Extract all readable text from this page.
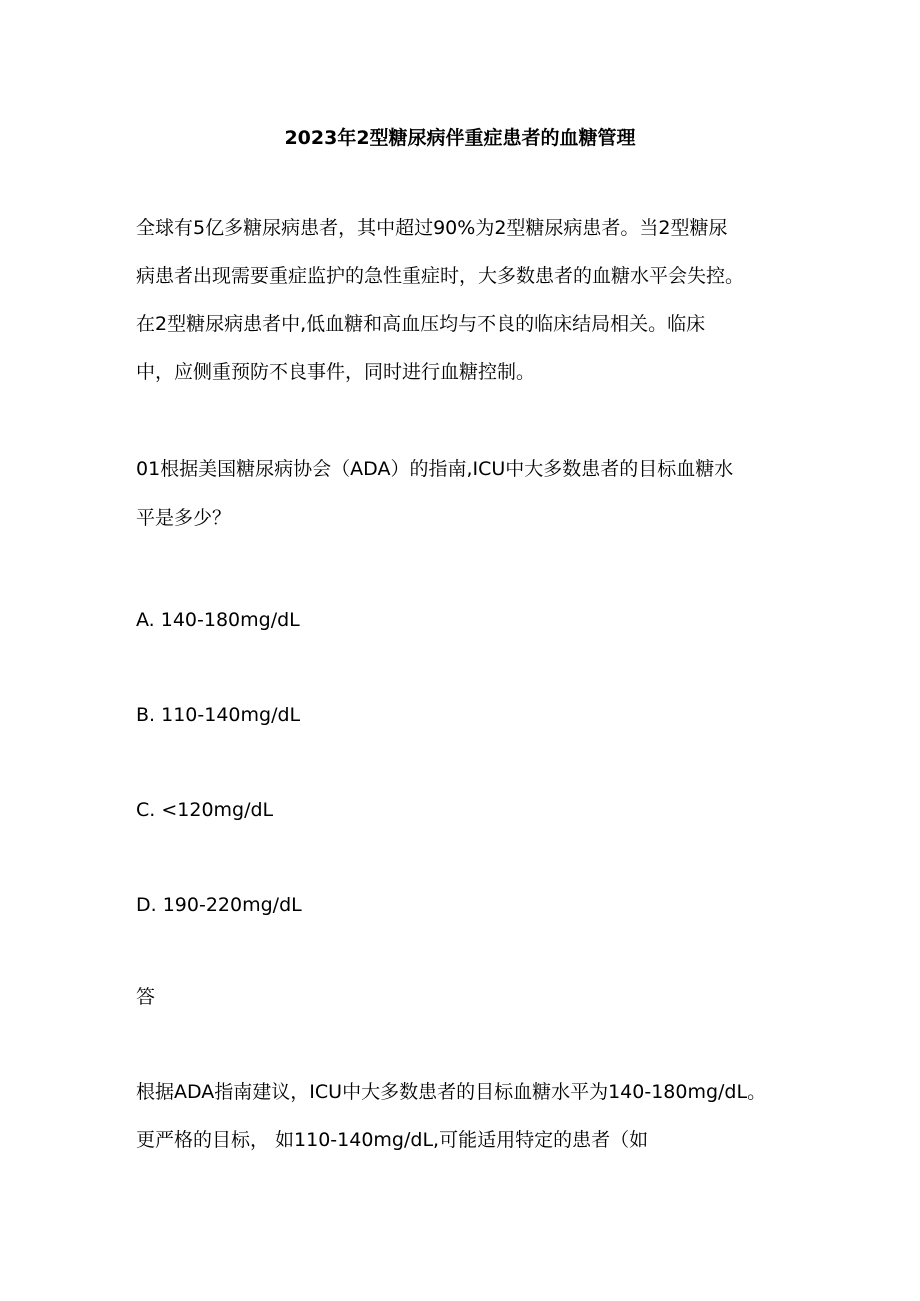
2023年2型糖尿病伴重症患者的血糖管理
全球有5亿多糖尿病患者，其中超过90%为2型糖尿病患者。当2型糖尿
病患者出现需要重症监护的急性重症时，大多数患者的血糖水平会失控。
在2型糖尿病患者中,低血糖和高血压均与不良的临床结局相关。临床
中，应侧重预防不良事件，同时进行血糖控制。
01根据美国糖尿病协会（ADA）的指南,ICU中大多数患者的目标血糖水
平是多少？
A. 140-180mg/dL
B. 110-140mg/dL
C. <120mg/dL
D. 190-220mg/dL
答
根据ADA指南建议，ICU中大多数患者的目标血糖水平为140-180mg∕dL。
更严格的目标， 如110-140mg∕dL,可能适用特定的患者（如
